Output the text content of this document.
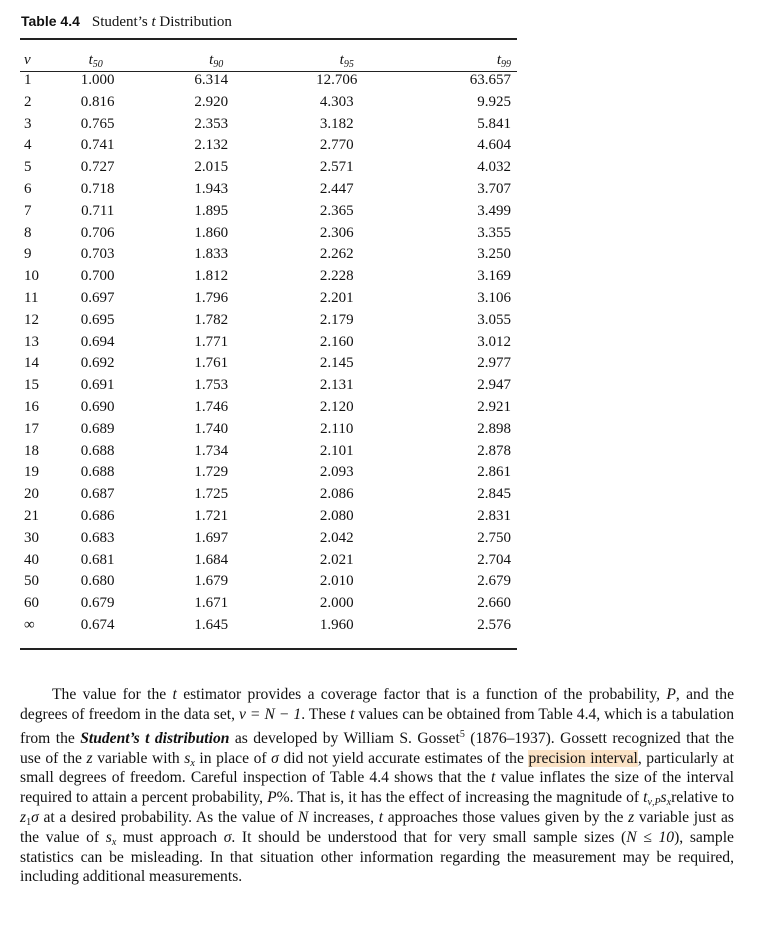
Table 4.4 Student’s t Distribution
ν	$t_{50}$	$t_{90}$	$t_{95}$	$t_{99}$
1	1.000	6.314	12.706	63.657
2	0.816	2.920	4.303	9.925
3	0.765	2.353	3.182	5.841
4	0.741	2.132	2.770	4.604
5	0.727	2.015	2.571	4.032
6	0.718	1.943	2.447	3.707
7	0.711	1.895	2.365	3.499
8	0.706	1.860	2.306	3.355
9	0.703	1.833	2.262	3.250
10	0.700	1.812	2.228	3.169
11	0.697	1.796	2.201	3.106
12	0.695	1.782	2.179	3.055
13	0.694	1.771	2.160	3.012
14	0.692	1.761	2.145	2.977
15	0.691	1.753	2.131	2.947
16	0.690	1.746	2.120	2.921
17	0.689	1.740	2.110	2.898
18	0.688	1.734	2.101	2.878
19	0.688	1.729	2.093	2.861
20	0.687	1.725	2.086	2.845
21	0.686	1.721	2.080	2.831
30	0.683	1.697	2.042	2.750
40	0.681	1.684	2.021	2.704
50	0.680	1.679	2.010	2.679
60	0.679	1.671	2.000	2.660
∞	0.674	1.645	1.960	2.576

The value for the t estimator provides a coverage factor that is a function of the probability, P, and the degrees of freedom in the data set, ν = N − 1. These t values can be obtained from Table 4.4, which is a tabulation from the Student’s t distribution as developed by William S. Gosset$^5$ (1876–1937). Gossett recognized that the use of the z variable with $s_x$ in place of σ did not yield accurate estimates of the precision interval, particularly at small degrees of freedom. Careful inspection of Table 4.4 shows that the t value inflates the size of the interval required to attain a percent probability, P%. That is, it has the effect of increasing the magnitude of $t_{\nu,P}s_xrelative$ to $z_1\sigma$ at a desired probability. As the value of N increases, t approaches those values given by the z variable just as the value of $s_x$ must approach σ. It should be understood that for very small sample sizes (N ≤ 10), sample statistics can be misleading. In that situation other information regarding the measurement may be required, including additional measurements.
